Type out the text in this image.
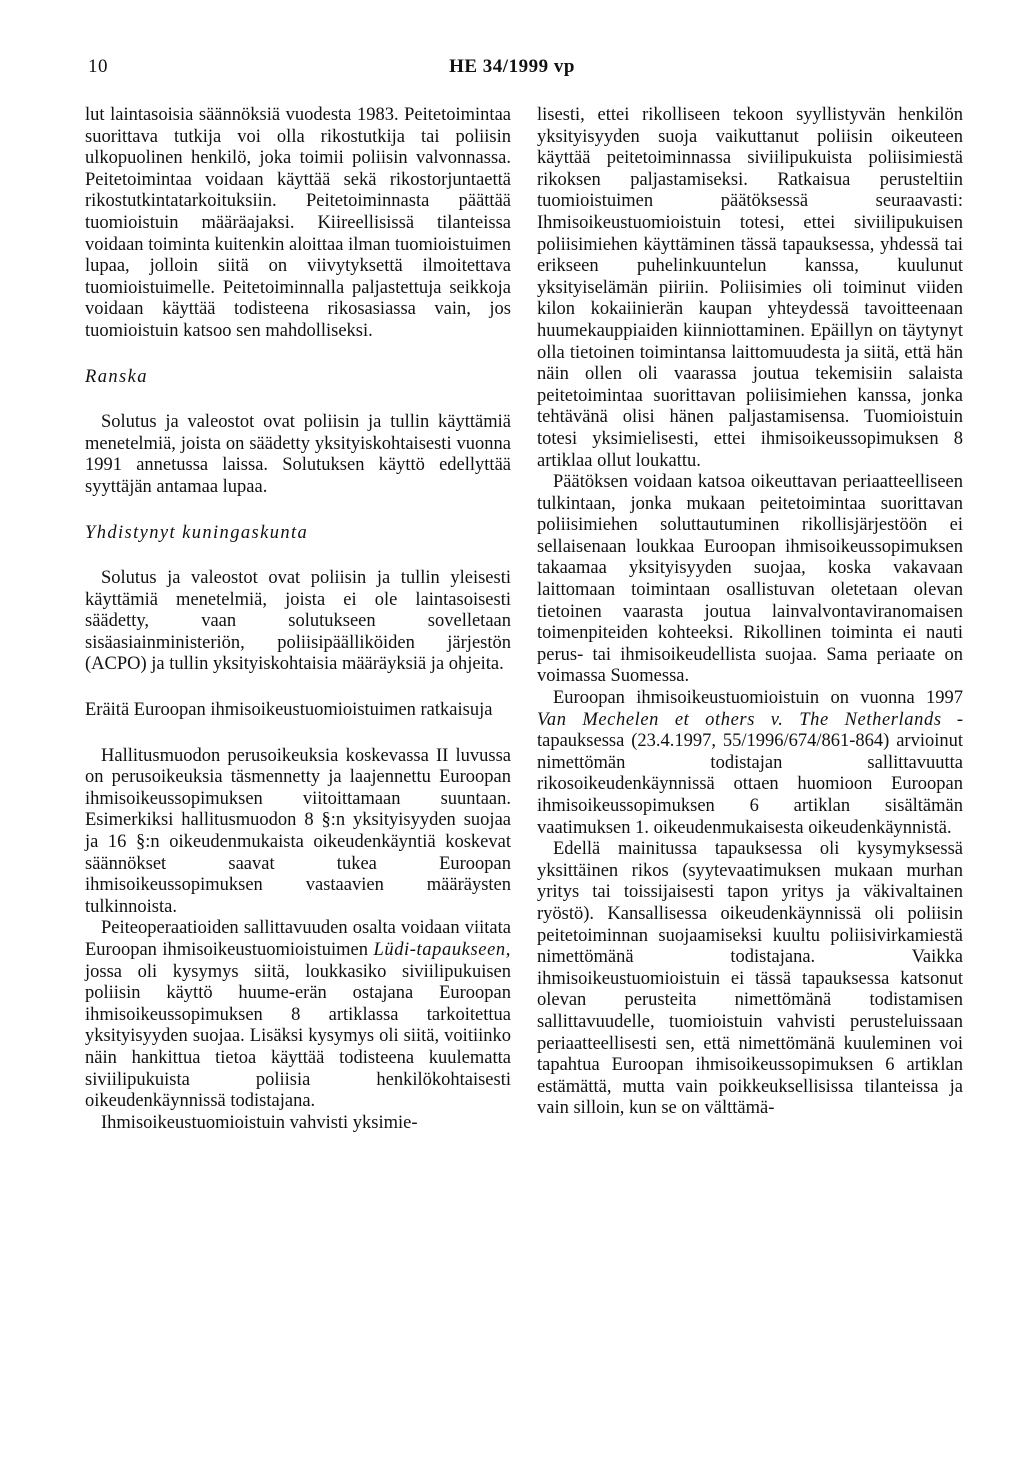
10	HE 34/1999 vp

lut laintasoisia säännöksiä vuodesta 1983. Peitetoimintaa suorittava tutkija voi olla rikostutkija tai poliisin ulkopuolinen henkilö, joka toimii poliisin valvonnassa. Peitetoimintaa voidaan käyttää sekä rikostorjuntaettä rikostutkintatarkoituksiin. Peitetoiminnasta päättää tuomioistuin määräajaksi. Kiireellisissä tilanteissa voidaan toiminta kuitenkin aloittaa ilman tuomioistuimen lupaa, jolloin siitä on viivytyksettä ilmoitettava tuomioistuimelle. Peitetoiminnalla paljastettuja seikkoja voidaan käyttää todisteena rikosasiassa vain, jos tuomioistuin katsoo sen mahdolliseksi.

Ranska

Solutus ja valeostot ovat poliisin ja tullin käyttämiä menetelmiä, joista on säädetty yksityiskohtaisesti vuonna 1991 annetussa laissa. Solutuksen käyttö edellyttää syyttäjän antamaa lupaa.

Yhdistynyt kuningaskunta

Solutus ja valeostot ovat poliisin ja tullin yleisesti käyttämiä menetelmiä, joista ei ole laintasoisesti säädetty, vaan solutukseen sovelletaan sisäasiainministeriön, poliisipäälliköiden järjestön (ACPO) ja tullin yksityiskohtaisia määräyksiä ja ohjeita.

Eräitä Euroopan ihmisoikeustuomioistuimen ratkaisuja

Hallitusmuodon perusoikeuksia koskevassa II luvussa on perusoikeuksia täsmennetty ja laajennettu Euroopan ihmisoikeussopimuksen viitoittamaan suuntaan. Esimerkiksi hallitusmuodon 8 §:n yksityisyyden suojaa ja 16 §:n oikeudenmukaista oikeudenkäyntiä koskevat säännökset saavat tukea Euroopan ihmisoikeussopimuksen vastaavien määräysten tulkinnoista.

Peiteoperaatioiden sallittavuuden osalta voidaan viitata Euroopan ihmisoikeustuomioistuimen Lüdi-tapaukseen, jossa oli kysymys siitä, loukkasiko siviilipukuisen poliisin käyttö huume-erän ostajana Euroopan ihmisoikeussopimuksen 8 artiklassa tarkoitettua yksityisyyden suojaa. Lisäksi kysymys oli siitä, voitiinko näin hankittua tietoa käyttää todisteena kuulematta siviilipukuista poliisia henkilökohtaisesti oikeudenkäynnissä todistajana.

Ihmisoikeustuomioistuin vahvisti yksimie-

lisesti, ettei rikolliseen tekoon syyllistyvän henkilön yksityisyyden suoja vaikuttanut poliisin oikeuteen käyttää peitetoiminnassa siviilipukuista poliisimiestä rikoksen paljastamiseksi. Ratkaisua perusteltiin tuomioistuimen päätöksessä seuraavasti: Ihmisoikeustuomioistuin totesi, ettei siviilipukuisen poliisimiehen käyttäminen tässä tapauksessa, yhdessä tai erikseen puhelinkuuntelun kanssa, kuulunut yksityiselämän piiriin. Poliisimies oli toiminut viiden kilon kokaiinierän kaupan yhteydessä tavoitteenaan huumekauppiaiden kiinniottaminen. Epäillyn on täytynyt olla tietoinen toimintansa laittomuudesta ja siitä, että hän näin ollen oli vaarassa joutua tekemisiin salaista peitetoimintaa suorittavan poliisimiehen kanssa, jonka tehtävänä olisi hänen paljastamisensa. Tuomioistuin totesi yksimielisesti, ettei ihmisoikeussopimuksen 8 artiklaa ollut loukattu.

Päätöksen voidaan katsoa oikeuttavan periaatteelliseen tulkintaan, jonka mukaan peitetoimintaa suorittavan poliisimiehen soluttautuminen rikollisjärjestöön ei sellaisenaan loukkaa Euroopan ihmisoikeussopimuksen takaamaa yksityisyyden suojaa, koska vakavaan laittomaan toimintaan osallistuvan oletetaan olevan tietoinen vaarasta joutua lainvalvontaviranomaisen toimenpiteiden kohteeksi. Rikollinen toiminta ei nauti perus- tai ihmisoikeudellista suojaa. Sama periaate on voimassa Suomessa.

Euroopan ihmisoikeustuomioistuin on vuonna 1997 Van Mechelen et others v. The Netherlands -tapauksessa (23.4.1997, 55/1996/674/861-864) arvioinut nimettömän todistajan sallittavuutta rikosoikeudenkäynnissä ottaen huomioon Euroopan ihmisoikeussopimuksen 6 artiklan sisältämän vaatimuksen 1. oikeudenmukaisesta oikeudenkäynnistä.

Edellä mainitussa tapauksessa oli kysymyksessä yksittäinen rikos (syytevaatimuksen mukaan murhan yritys tai toissijaisesti tapon yritys ja väkivaltainen ryöstö). Kansallisessa oikeudenkäynnissä oli poliisin peitetoiminnan suojaamiseksi kuultu poliisivirkamiestä nimettömänä todistajana. Vaikka ihmisoikeustuomioistuin ei tässä tapauksessa katsonut olevan perusteita nimettömänä todistamisen sallittavuudelle, tuomioistuin vahvisti perusteluissaan periaatteellisesti sen, että nimettömänä kuuleminen voi tapahtua Euroopan ihmisoikeussopimuksen 6 artiklan estämättä, mutta vain poikkeuksellisissa tilanteissa ja vain silloin, kun se on välttämä-
